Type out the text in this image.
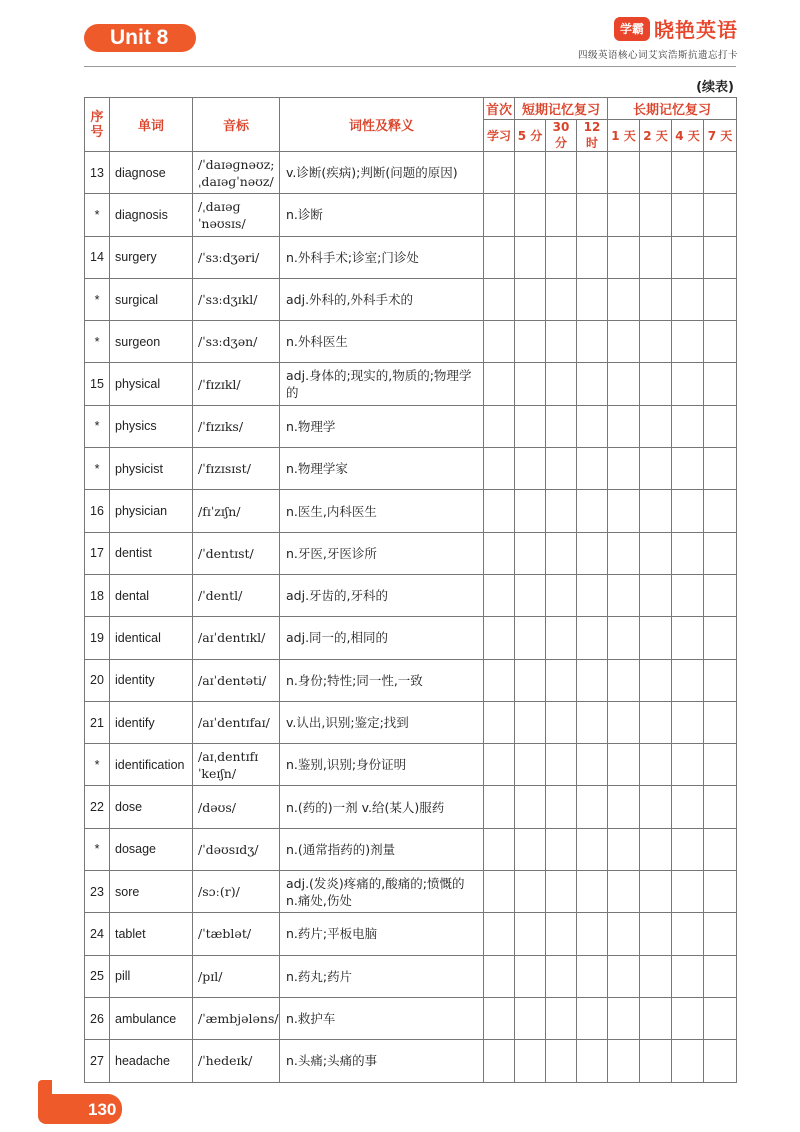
Unit 8	学霸 晓艳英语
四级英语核心词艾宾浩斯抗遗忘打卡
(续表)
序号	单词	音标	词性及释义	首次	短期记忆复习			长期记忆复习			
				学习	5 分	30 分	12 时	1 天	2 天	4 天	7 天
13	diagnose	/ˈdaɪəɡnəʊz; ˌdaɪəɡˈnəʊz/	v.诊断(疾病);判断(问题的原因)								
*	diagnosis	/ˌdaɪəɡˈnəʊsɪs/	n.诊断								
14	surgery	/ˈsɜːdʒəri/	n.外科手术;诊室;门诊处								
*	surgical	/ˈsɜːdʒɪkl/	adj.外科的,外科手术的								
*	surgeon	/ˈsɜːdʒən/	n.外科医生								
15	physical	/ˈfɪzɪkl/	adj.身体的;现实的,物质的;物理学的								
*	physics	/ˈfɪzɪks/	n.物理学								
*	physicist	/ˈfɪzɪsɪst/	n.物理学家								
16	physician	/fɪˈzɪʃn/	n.医生,内科医生								
17	dentist	/ˈdentɪst/	n.牙医,牙医诊所								
18	dental	/ˈdentl/	adj.牙齿的,牙科的								
19	identical	/aɪˈdentɪkl/	adj.同一的,相同的								
20	identity	/aɪˈdentəti/	n.身份;特性;同一性,一致								
21	identify	/aɪˈdentɪfaɪ/	v.认出,识别;鉴定;找到								
*	identification	/aɪˌdentɪfɪˈkeɪʃn/	n.鉴别,识别;身份证明								
22	dose	/dəʊs/	n.(药的)一剂 v.给(某人)服药								
*	dosage	/ˈdəʊsɪdʒ/	n.(通常指药的)剂量								
23	sore	/sɔː(r)/	adj.(发炎)疼痛的,酸痛的;愤慨的 n.痛处,伤处								
24	tablet	/ˈtæblət/	n.药片;平板电脑								
25	pill	/pɪl/	n.药丸;药片								
26	ambulance	/ˈæmbjələns/	n.救护车								
27	headache	/ˈhedeɪk/	n.头痛;头痛的事								
130
